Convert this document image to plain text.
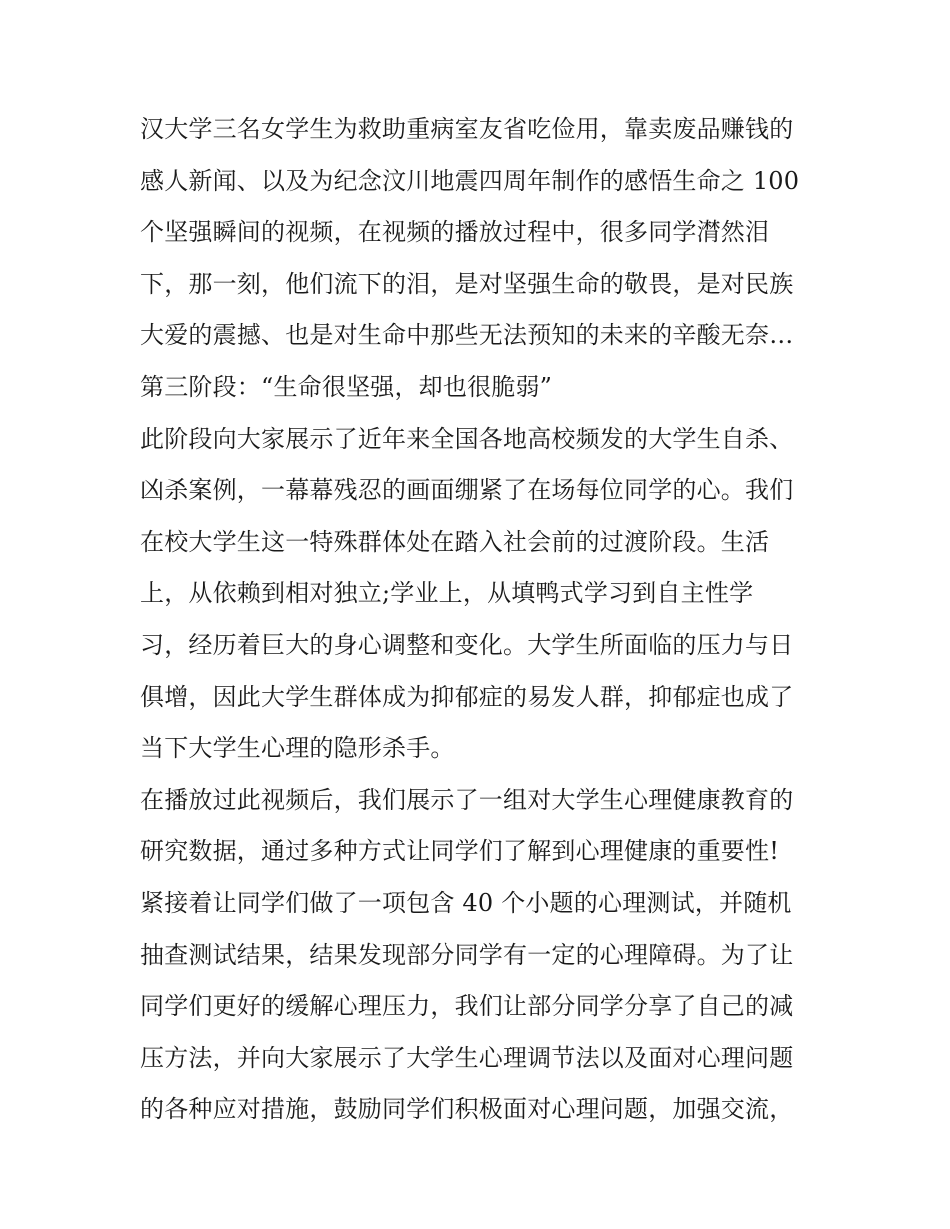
汉大学三名女学生为救助重病室友省吃俭用，靠卖废品赚钱的
感人新闻、以及为纪念汶川地震四周年制作的感悟生命之 100
个坚强瞬间的视频，在视频的播放过程中，很多同学潸然泪
下，那一刻，他们流下的泪，是对坚强生命的敬畏，是对民族
大爱的震撼、也是对生命中那些无法预知的未来的辛酸无奈…
第三阶段：“生命很坚强，却也很脆弱”
此阶段向大家展示了近年来全国各地高校频发的大学生自杀、
凶杀案例，一幕幕残忍的画面绷紧了在场每位同学的心。我们
在校大学生这一特殊群体处在踏入社会前的过渡阶段。生活
上，从依赖到相对独立;学业上，从填鸭式学习到自主性学
习，经历着巨大的身心调整和变化。大学生所面临的压力与日
俱增，因此大学生群体成为抑郁症的易发人群，抑郁症也成了
当下大学生心理的隐形杀手。
在播放过此视频后，我们展示了一组对大学生心理健康教育的
研究数据，通过多种方式让同学们了解到心理健康的重要性!
紧接着让同学们做了一项包含 40 个小题的心理测试，并随机
抽查测试结果，结果发现部分同学有一定的心理障碍。为了让
同学们更好的缓解心理压力，我们让部分同学分享了自己的减
压方法，并向大家展示了大学生心理调节法以及面对心理问题
的各种应对措施，鼓励同学们积极面对心理问题，加强交流，
